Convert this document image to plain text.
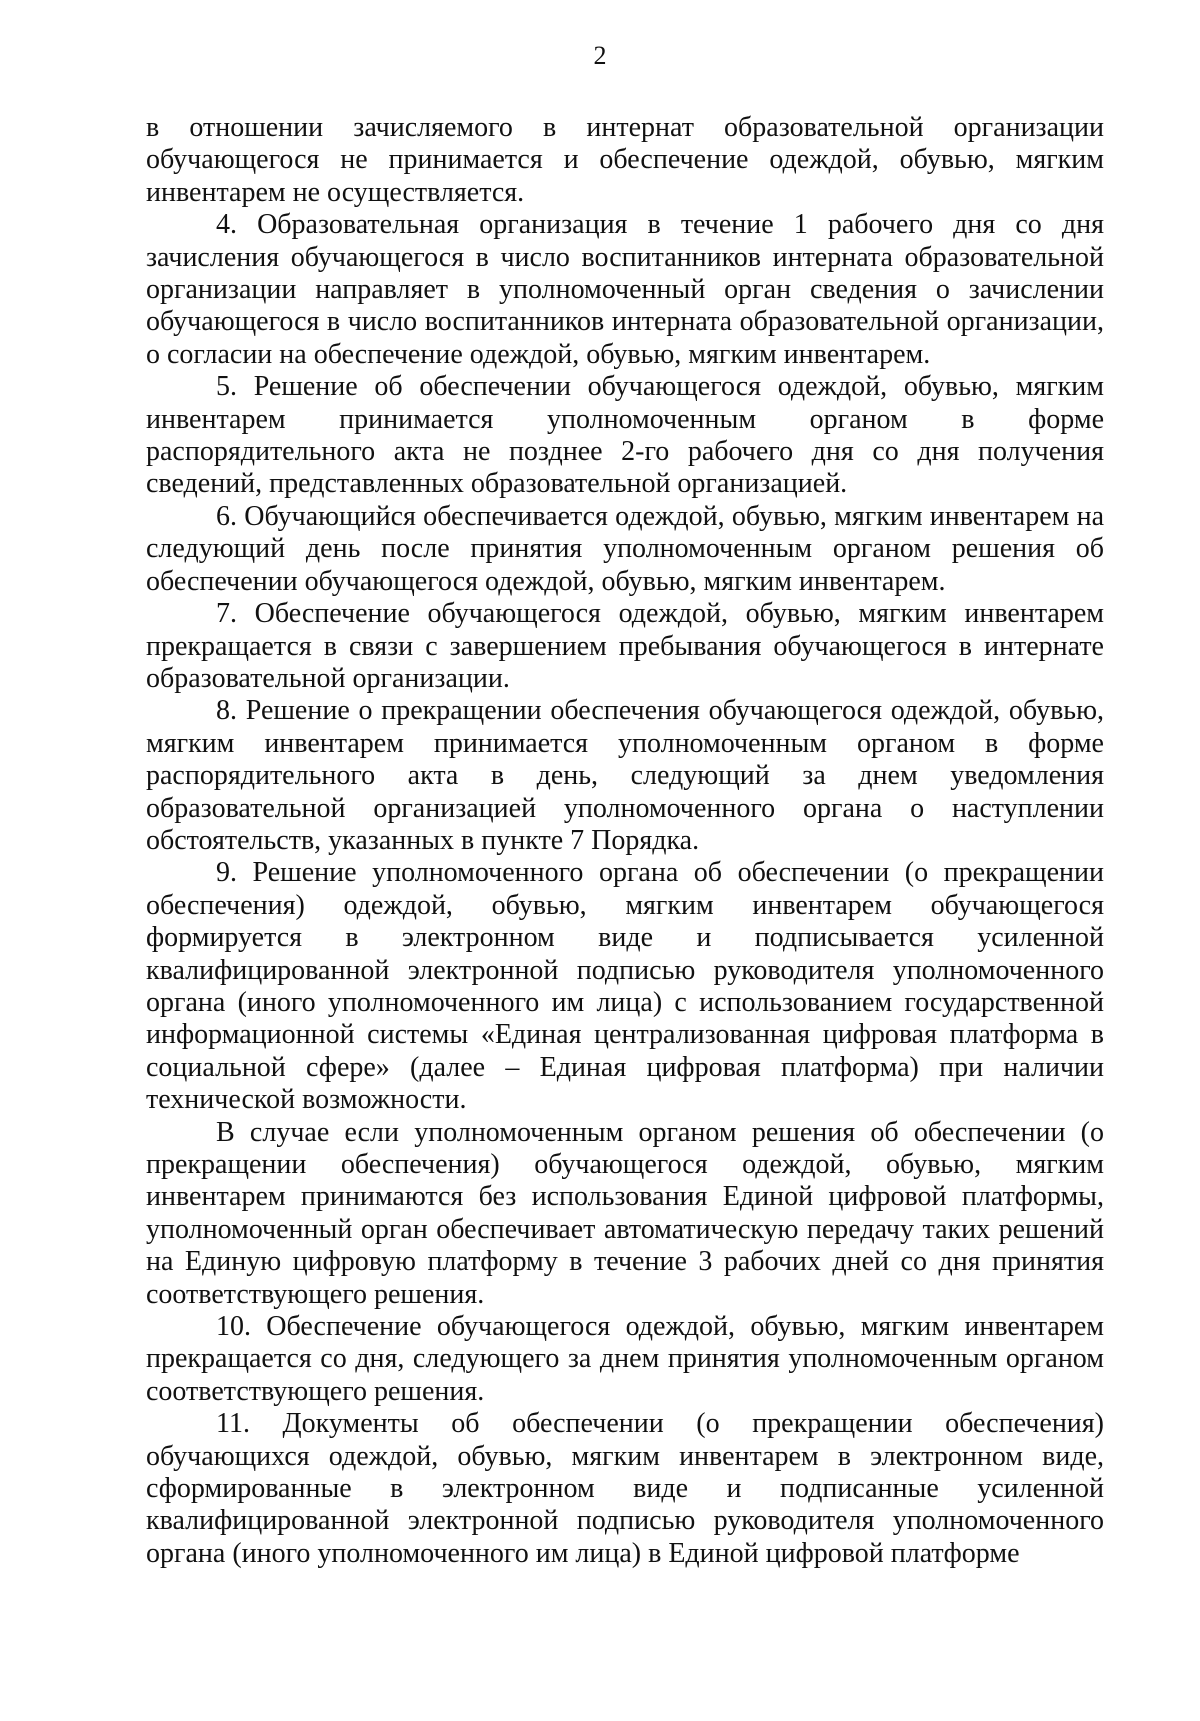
2

в отношении зачисляемого в интернат образовательной организации обучающегося не принимается и обеспечение одеждой, обувью, мягким инвентарем не осуществляется.

4. Образовательная организация в течение 1 рабочего дня со дня зачисления обучающегося в число воспитанников интерната образовательной организации направляет в уполномоченный орган сведения о зачислении обучающегося в число воспитанников интерната образовательной организации, о согласии на обеспечение одеждой, обувью, мягким инвентарем.

5. Решение об обеспечении обучающегося одеждой, обувью, мягким инвентарем принимается уполномоченным органом в форме распорядительного акта не позднее 2-го рабочего дня со дня получения сведений, представленных образовательной организацией.

6. Обучающийся обеспечивается одеждой, обувью, мягким инвентарем на следующий день после принятия уполномоченным органом решения об обеспечении обучающегося одеждой, обувью, мягким инвентарем.

7. Обеспечение обучающегося одеждой, обувью, мягким инвентарем прекращается в связи с завершением пребывания обучающегося в интернате образовательной организации.

8. Решение о прекращении обеспечения обучающегося одеждой, обувью, мягким инвентарем принимается уполномоченным органом в форме распорядительного акта в день, следующий за днем уведомления образовательной организацией уполномоченного органа о наступлении обстоятельств, указанных в пункте 7 Порядка.

9. Решение уполномоченного органа об обеспечении (о прекращении обеспечения) одеждой, обувью, мягким инвентарем обучающегося формируется в электронном виде и подписывается усиленной квалифицированной электронной подписью руководителя уполномоченного органа (иного уполномоченного им лица) с использованием государственной информационной системы «Единая централизованная цифровая платформа в социальной сфере» (далее – Единая цифровая платформа) при наличии технической возможности.

В случае если уполномоченным органом решения об обеспечении (о прекращении обеспечения) обучающегося одеждой, обувью, мягким инвентарем принимаются без использования Единой цифровой платформы, уполномоченный орган обеспечивает автоматическую передачу таких решений на Единую цифровую платформу в течение 3 рабочих дней со дня принятия соответствующего решения.

10. Обеспечение обучающегося одеждой, обувью, мягким инвентарем прекращается со дня, следующего за днем принятия уполномоченным органом соответствующего решения.

11. Документы об обеспечении (о прекращении обеспечения) обучающихся одеждой, обувью, мягким инвентарем в электронном виде, сформированные в электронном виде и подписанные усиленной квалифицированной электронной подписью руководителя уполномоченного органа (иного уполномоченного им лица) в Единой цифровой платформе
